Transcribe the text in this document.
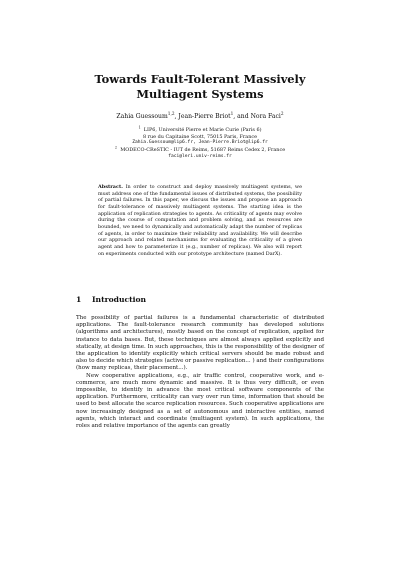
Towards Fault-Tolerant Massively Multiagent Systems
Zahia Guessoum$^{1,2}$, Jean-Pierre Briot$^1$, and Nora Faci$^2$
$^1$ LIP6, Université Pierre et Marie Curie (Paris 6)
8 rue du Capitaine Scott, 75015 Paris, France
Zahia.Guessoum@lip6.fr, Jean-Pierre.Briot@lip6.fr
$^2$ MODECO-CReSTIC - IUT de Reims, 51687 Reims Cedex 2, France
faci@leri.univ-reims.fr
Abstract. In order to construct and deploy massively multiagent systems, we must address one of the fundamental issues of distributed systems, the possibility of partial failures. In this paper, we discuss the issues and propose an approach for fault-tolerance of massively multiagent systems. The starting idea is the application of replication strategies to agents. As criticality of agents may evolve during the course of computation and problem solving, and as resources are bounded, we need to dynamically and automatically adapt the number of replicas of agents, in order to maximize their reliability and availability. We will describe our approach and related mechanisms for evaluating the criticality of a given agent and how to parameterize it (e.g., number of replicas). We also will report on experiments conducted with our prototype architecture (named DarX).
1 Introduction

The possibility of partial failures is a fundamental characteristic of distributed applications. The fault-tolerance research community has developed solutions (algorithms and architectures), mostly based on the concept of replication, applied for instance to data bases. But, these techniques are almost always applied explicitly and statically, at design time. In such approaches, this is the responsibility of the designer of the application to identify explicitly which critical servers should be made robust and also to decide which strategies (active or passive replication... ) and their configurations (how many replicas, their placement...).

New cooperative applications, e.g., air traffic control, cooperative work, and e-commerce, are much more dynamic and massive. It is thus very difficult, or even impossible, to identify in advance the most critical software components of the application. Furthermore, criticality can vary over run time, information that should be used to best allocate the scarce replication resources. Such cooperative applications are now increasingly designed as a set of autonomous and interactive entities, named agents, which interact and coordinate (multiagent system). In such applications, the roles and relative importance of the agents can greatly
